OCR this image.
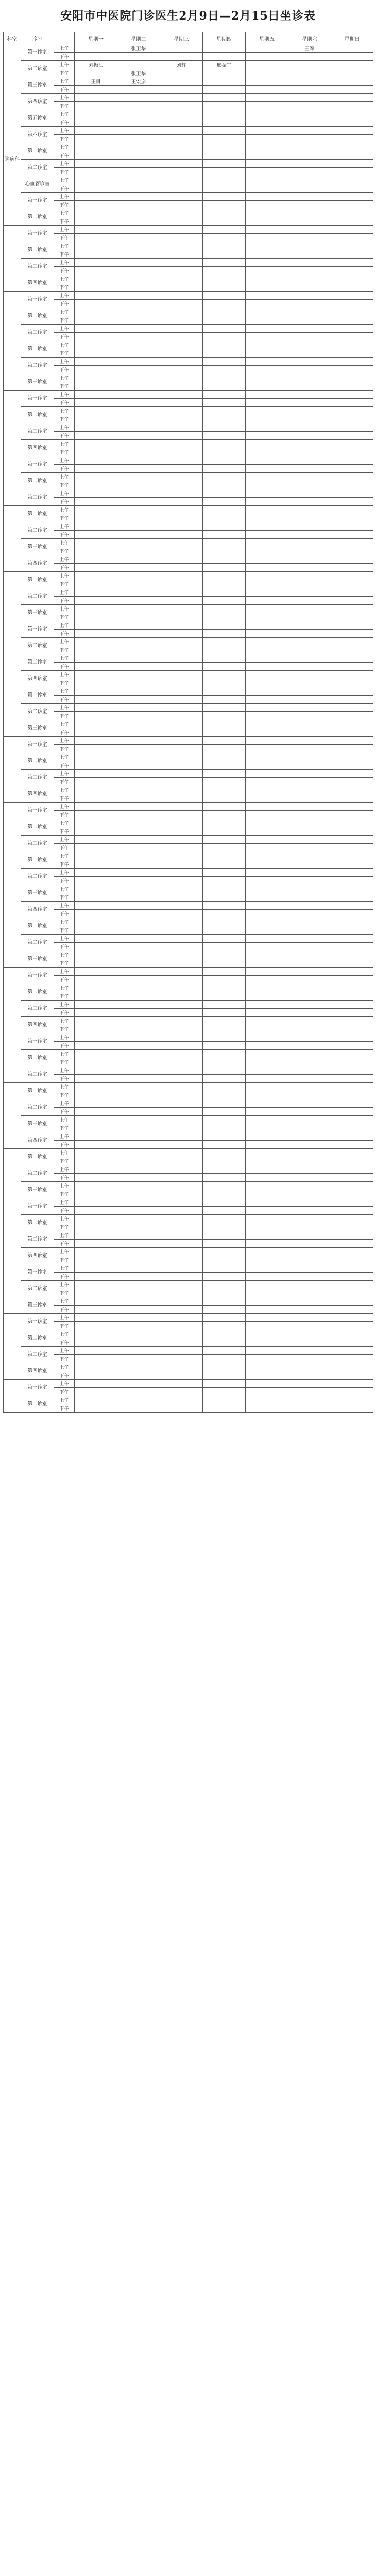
安阳市中医院门诊医生2月9日—2月15日坐诊表
科室	诊室		星期一	星期二	星期三	星期四	星期五	星期六	星期日
	第一诊室	上午		张卫华				王军	
		下午							
	第二诊室	上午	刘振江		刘辉	邢振宇			
		下午		张卫华					
	第三诊室	上午	王勇	王宏彦					
		下午							
	第四诊室	上午							
		下午							
	第五诊室	上午							
		下午							
	第六诊室	上午							
		下午							
脑病科	第一诊室	上午							
		下午							
	第二诊室	上午							
		下午							
	心血管诊室	上午							
		下午							
	第一诊室	上午							
		下午							
	第二诊室	上午							
		下午							
	第一诊室	上午							
		下午							
	第二诊室	上午							
		下午							
	第三诊室	上午							
		下午							
	第四诊室	上午							
		下午							
	第一诊室	上午							
		下午							
	第二诊室	上午							
		下午							
	第三诊室	上午							
		下午							
	第一诊室	上午							
		下午							
	第二诊室	上午							
		下午							
	第三诊室	上午							
		下午							
	第一诊室	上午							
		下午							
	第二诊室	上午							
		下午							
	第三诊室	上午							
		下午							
	第四诊室	上午							
		下午							
	第一诊室	上午							
		下午							
	第二诊室	上午							
		下午							
	第三诊室	上午							
		下午							
	第一诊室	上午							
		下午							
	第二诊室	上午							
		下午							
	第三诊室	上午							
		下午							
	第四诊室	上午							
		下午							
	第一诊室	上午							
		下午							
	第二诊室	上午							
		下午							
	第三诊室	上午							
		下午							
	第一诊室	上午							
		下午							
	第二诊室	上午							
		下午							
	第三诊室	上午							
		下午							
	第四诊室	上午							
		下午							
	第一诊室	上午							
		下午							
	第二诊室	上午							
		下午							
	第三诊室	上午							
		下午							
	第一诊室	上午							
		下午							
	第二诊室	上午							
		下午							
	第三诊室	上午							
		下午							
	第四诊室	上午							
		下午							
	第一诊室	上午							
		下午							
	第二诊室	上午							
		下午							
	第三诊室	上午							
		下午							
	第一诊室	上午							
		下午							
	第二诊室	上午							
		下午							
	第三诊室	上午							
		下午							
	第四诊室	上午							
		下午							
	第一诊室	上午							
		下午							
	第二诊室	上午							
		下午							
	第三诊室	上午							
		下午							
	第一诊室	上午							
		下午							
	第二诊室	上午							
		下午							
	第三诊室	上午							
		下午							
	第四诊室	上午							
		下午							
	第一诊室	上午							
		下午							
	第二诊室	上午							
		下午							
	第三诊室	上午							
		下午							
	第一诊室	上午							
		下午							
	第二诊室	上午							
		下午							
	第三诊室	上午							
		下午							
	第四诊室	上午							
		下午							
	第一诊室	上午							
		下午							
	第二诊室	上午							
		下午							
	第三诊室	上午							
		下午							
	第一诊室	上午							
		下午							
	第二诊室	上午							
		下午							
	第三诊室	上午							
		下午							
	第四诊室	上午							
		下午							
	第一诊室	上午							
		下午							
	第二诊室	上午							
		下午							
	第三诊室	上午							
		下午							
	第一诊室	上午							
		下午							
	第二诊室	上午							
		下午							
	第三诊室	上午							
		下午							
	第四诊室	上午							
		下午							
	第一诊室	上午							
		下午							
	第二诊室	上午							
		下午							
